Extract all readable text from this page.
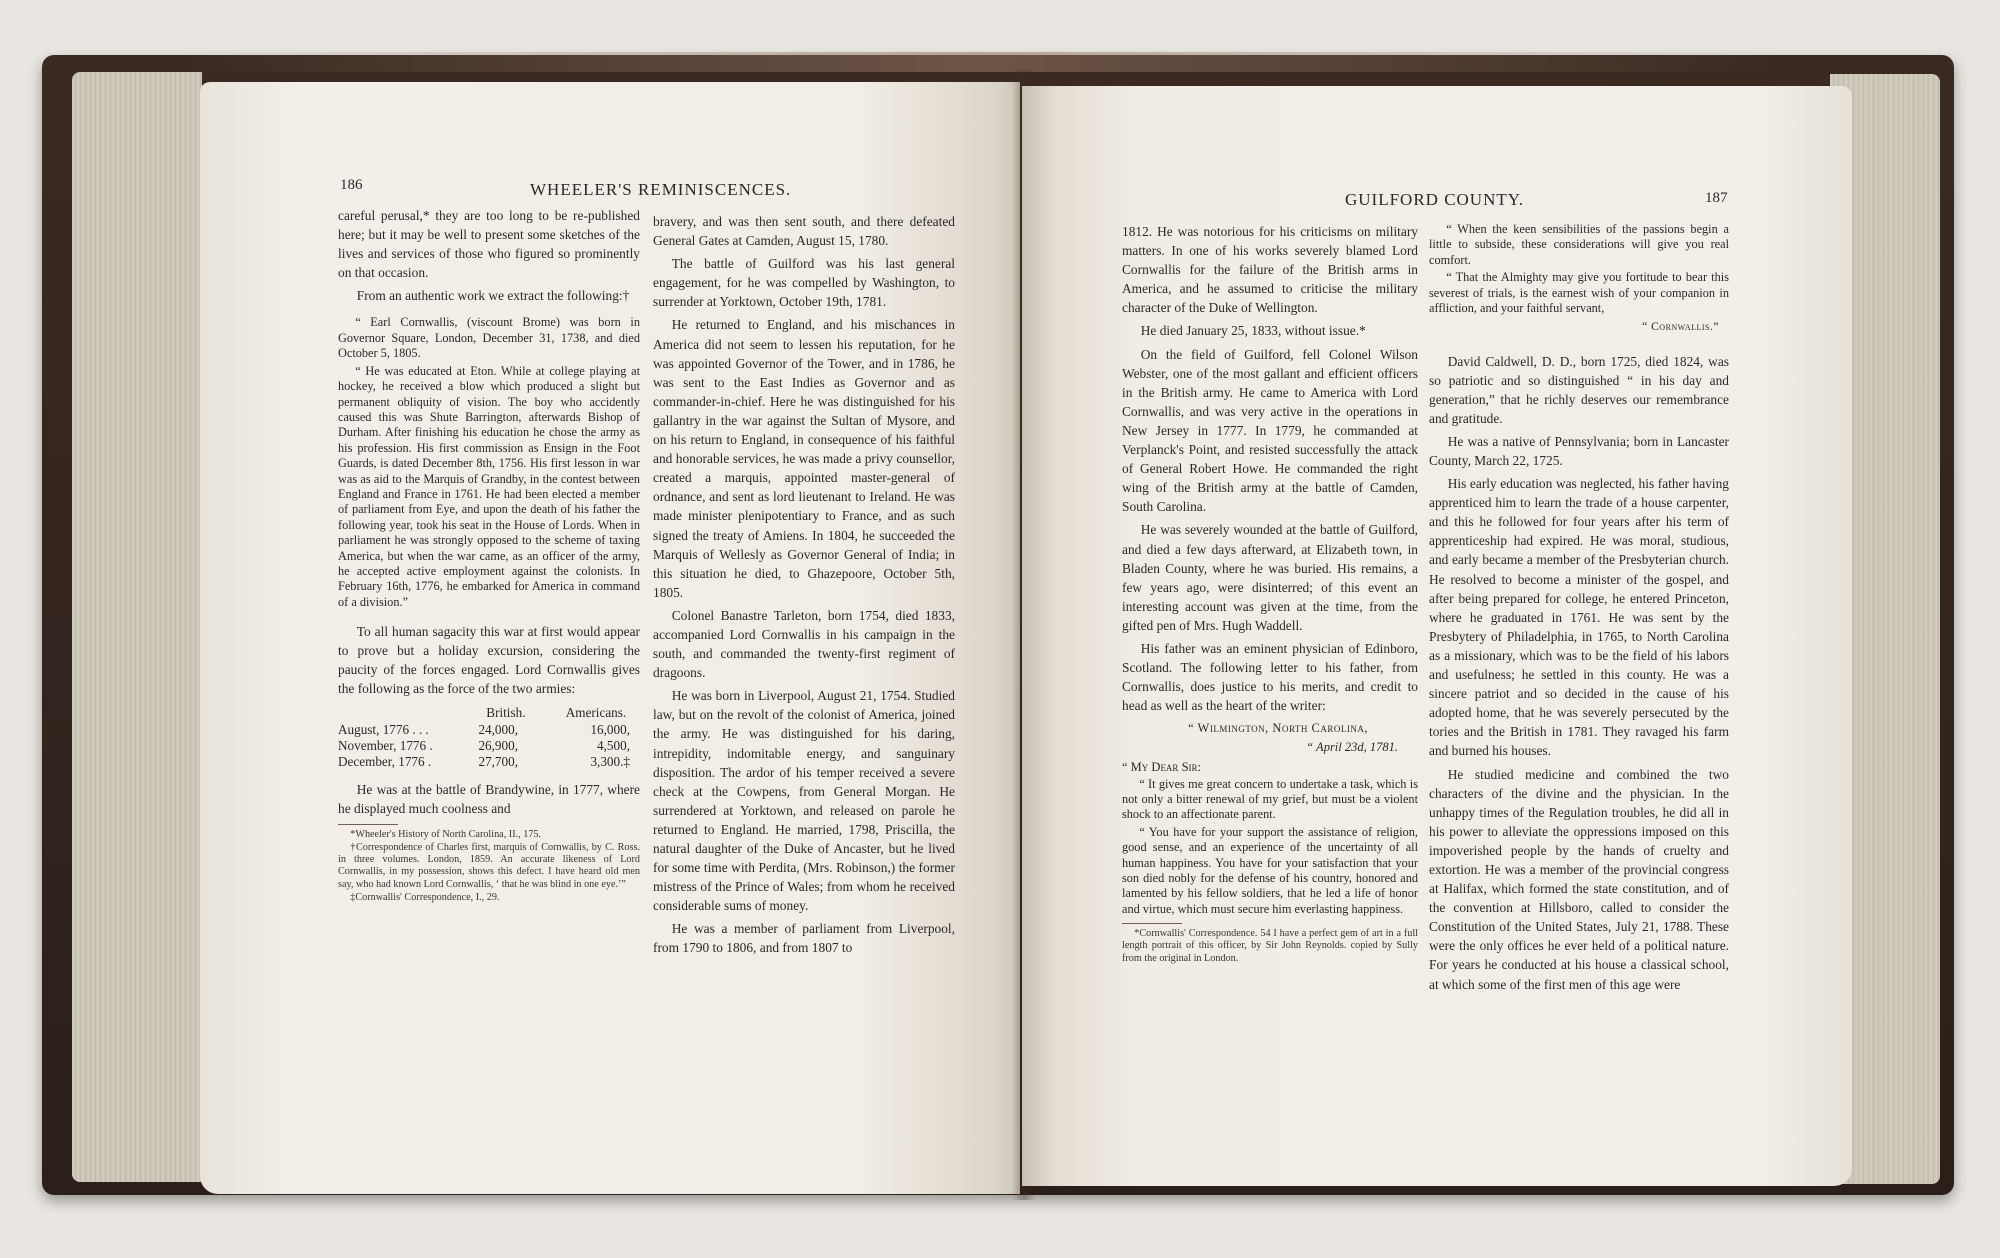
186	WHEELER'S REMINISCENCES.

careful perusal,* they are too long to be re-published here; but it may be well to present some sketches of the lives and services of those who figured so prominently on that occasion.

From an authentic work we extract the following:†

“ Earl Cornwallis, (viscount Brome) was born in Governor Square, London, December 31, 1738, and died October 5, 1805.

“ He was educated at Eton. While at college playing at hockey, he received a blow which produced a slight but permanent obliquity of vision. The boy who accidently caused this was Shute Barrington, afterwards Bishop of Durham. After finishing his education he chose the army as his profession. His first commission as Ensign in the Foot Guards, is dated December 8th, 1756. His first lesson in war was as aid to the Marquis of Grandby, in the contest between England and France in 1761. He had been elected a member of parliament from Eye, and upon the death of his father the following year, took his seat in the House of Lords. When in parliament he was strongly opposed to the scheme of taxing America, but when the war came, as an officer of the army, he accepted active employment against the colonists. In February 16th, 1776, he embarked for America in command of a division.”

To all human sagacity this war at first would appear to prove but a holiday excursion, considering the paucity of the forces engaged. Lord Cornwallis gives the following as the force of the two armies:

	British.	Americans.
August, 1776 . . .	24,000,	16,000,
November, 1776 .	26,900,	4,500,
December, 1776 .	27,700,	3,300.‡

He was at the battle of Brandywine, in 1777, where he displayed much coolness and

*Wheeler's History of North Carolina, II., 175.

†Correspondence of Charles first, marquis of Cornwallis, by C. Ross. in three volumes. London, 1859. An accurate likeness of Lord Cornwallis, in my possession, shows this defect. I have heard old men say, who had known Lord Cornwallis, ‘ that he was blind in one eye.’”

‡Cornwallis' Correspondence, I., 29.

bravery, and was then sent south, and there defeated General Gates at Camden, August 15, 1780.

The battle of Guilford was his last general engagement, for he was compelled by Washington, to surrender at Yorktown, October 19th, 1781.

He returned to England, and his mischances in America did not seem to lessen his reputation, for he was appointed Governor of the Tower, and in 1786, he was sent to the East Indies as Governor and as commander-in-chief. Here he was distinguished for his gallantry in the war against the Sultan of Mysore, and on his return to England, in consequence of his faithful and honorable services, he was made a privy counsellor, created a marquis, appointed master-general of ordnance, and sent as lord lieutenant to Ireland. He was made minister plenipotentiary to France, and as such signed the treaty of Amiens. In 1804, he succeeded the Marquis of Wellesly as Governor General of India; in this situation he died, to Ghazepoore, October 5th, 1805.

Colonel Banastre Tarleton, born 1754, died 1833, accompanied Lord Cornwallis in his campaign in the south, and commanded the twenty-first regiment of dragoons.

He was born in Liverpool, August 21, 1754. Studied law, but on the revolt of the colonist of America, joined the army. He was distinguished for his daring, intrepidity, indomitable energy, and sanguinary disposition. The ardor of his temper received a severe check at the Cowpens, from General Morgan. He surrendered at Yorktown, and released on parole he returned to England. He married, 1798, Priscilla, the natural daughter of the Duke of Ancaster, but he lived for some time with Perdita, (Mrs. Robinson,) the former mistress of the Prince of Wales; from whom he received considerable sums of money.

He was a member of parliament from Liverpool, from 1790 to 1806, and from 1807 to

GUILFORD COUNTY.	187

1812. He was notorious for his criticisms on military matters. In one of his works severely blamed Lord Cornwallis for the failure of the British arms in America, and he assumed to criticise the military character of the Duke of Wellington.

He died January 25, 1833, without issue.*

On the field of Guilford, fell Colonel Wilson Webster, one of the most gallant and efficient officers in the British army. He came to America with Lord Cornwallis, and was very active in the operations in New Jersey in 1777. In 1779, he commanded at Verplanck's Point, and resisted successfully the attack of General Robert Howe. He commanded the right wing of the British army at the battle of Camden, South Carolina.

He was severely wounded at the battle of Guilford, and died a few days afterward, at Elizabeth town, in Bladen County, where he was buried. His remains, a few years ago, were disinterred; of this event an interesting account was given at the time, from the gifted pen of Mrs. Hugh Waddell.

His father was an eminent physician of Edinboro, Scotland. The following letter to his father, from Cornwallis, does justice to his merits, and credit to head as well as the heart of the writer:

“ Wilmington, North Carolina,
“ April 23d, 1781.
“ My Dear Sir:

“ It gives me great concern to undertake a task, which is not only a bitter renewal of my grief, but must be a violent shock to an affectionate parent.

“ You have for your support the assistance of religion, good sense, and an experience of the uncertainty of all human happiness. You have for your satisfaction that your son died nobly for the defense of his country, honored and lamented by his fellow soldiers, that he led a life of honor and virtue, which must secure him everlasting happiness.

*Cornwallis' Correspondence. 54 I have a perfect gem of art in a full length portrait of this officer, by Sir John Reynolds. copied by Sully from the original in London.

“ When the keen sensibilities of the passions begin a little to subside, these considerations will give you real comfort.

“ That the Almighty may give you fortitude to bear this severest of trials, is the earnest wish of your companion in affliction, and your faithful servant,

“ Cornwallis.”

David Caldwell, D. D., born 1725, died 1824, was so patriotic and so distinguished “ in his day and generation,” that he richly deserves our remembrance and gratitude.

He was a native of Pennsylvania; born in Lancaster County, March 22, 1725.

His early education was neglected, his father having apprenticed him to learn the trade of a house carpenter, and this he followed for four years after his term of apprenticeship had expired. He was moral, studious, and early became a member of the Presbyterian church. He resolved to become a minister of the gospel, and after being prepared for college, he entered Princeton, where he graduated in 1761. He was sent by the Presbytery of Philadelphia, in 1765, to North Carolina as a missionary, which was to be the field of his labors and usefulness; he settled in this county. He was a sincere patriot and so decided in the cause of his adopted home, that he was severely persecuted by the tories and the British in 1781. They ravaged his farm and burned his houses.

He studied medicine and combined the two characters of the divine and the physician. In the unhappy times of the Regulation troubles, he did all in his power to alleviate the oppressions imposed on this impoverished people by the hands of cruelty and extortion. He was a member of the provincial congress at Halifax, which formed the state constitution, and of the convention at Hillsboro, called to consider the Constitution of the United States, July 21, 1788. These were the only offices he ever held of a political nature. For years he conducted at his house a classical school, at which some of the first men of this age were
